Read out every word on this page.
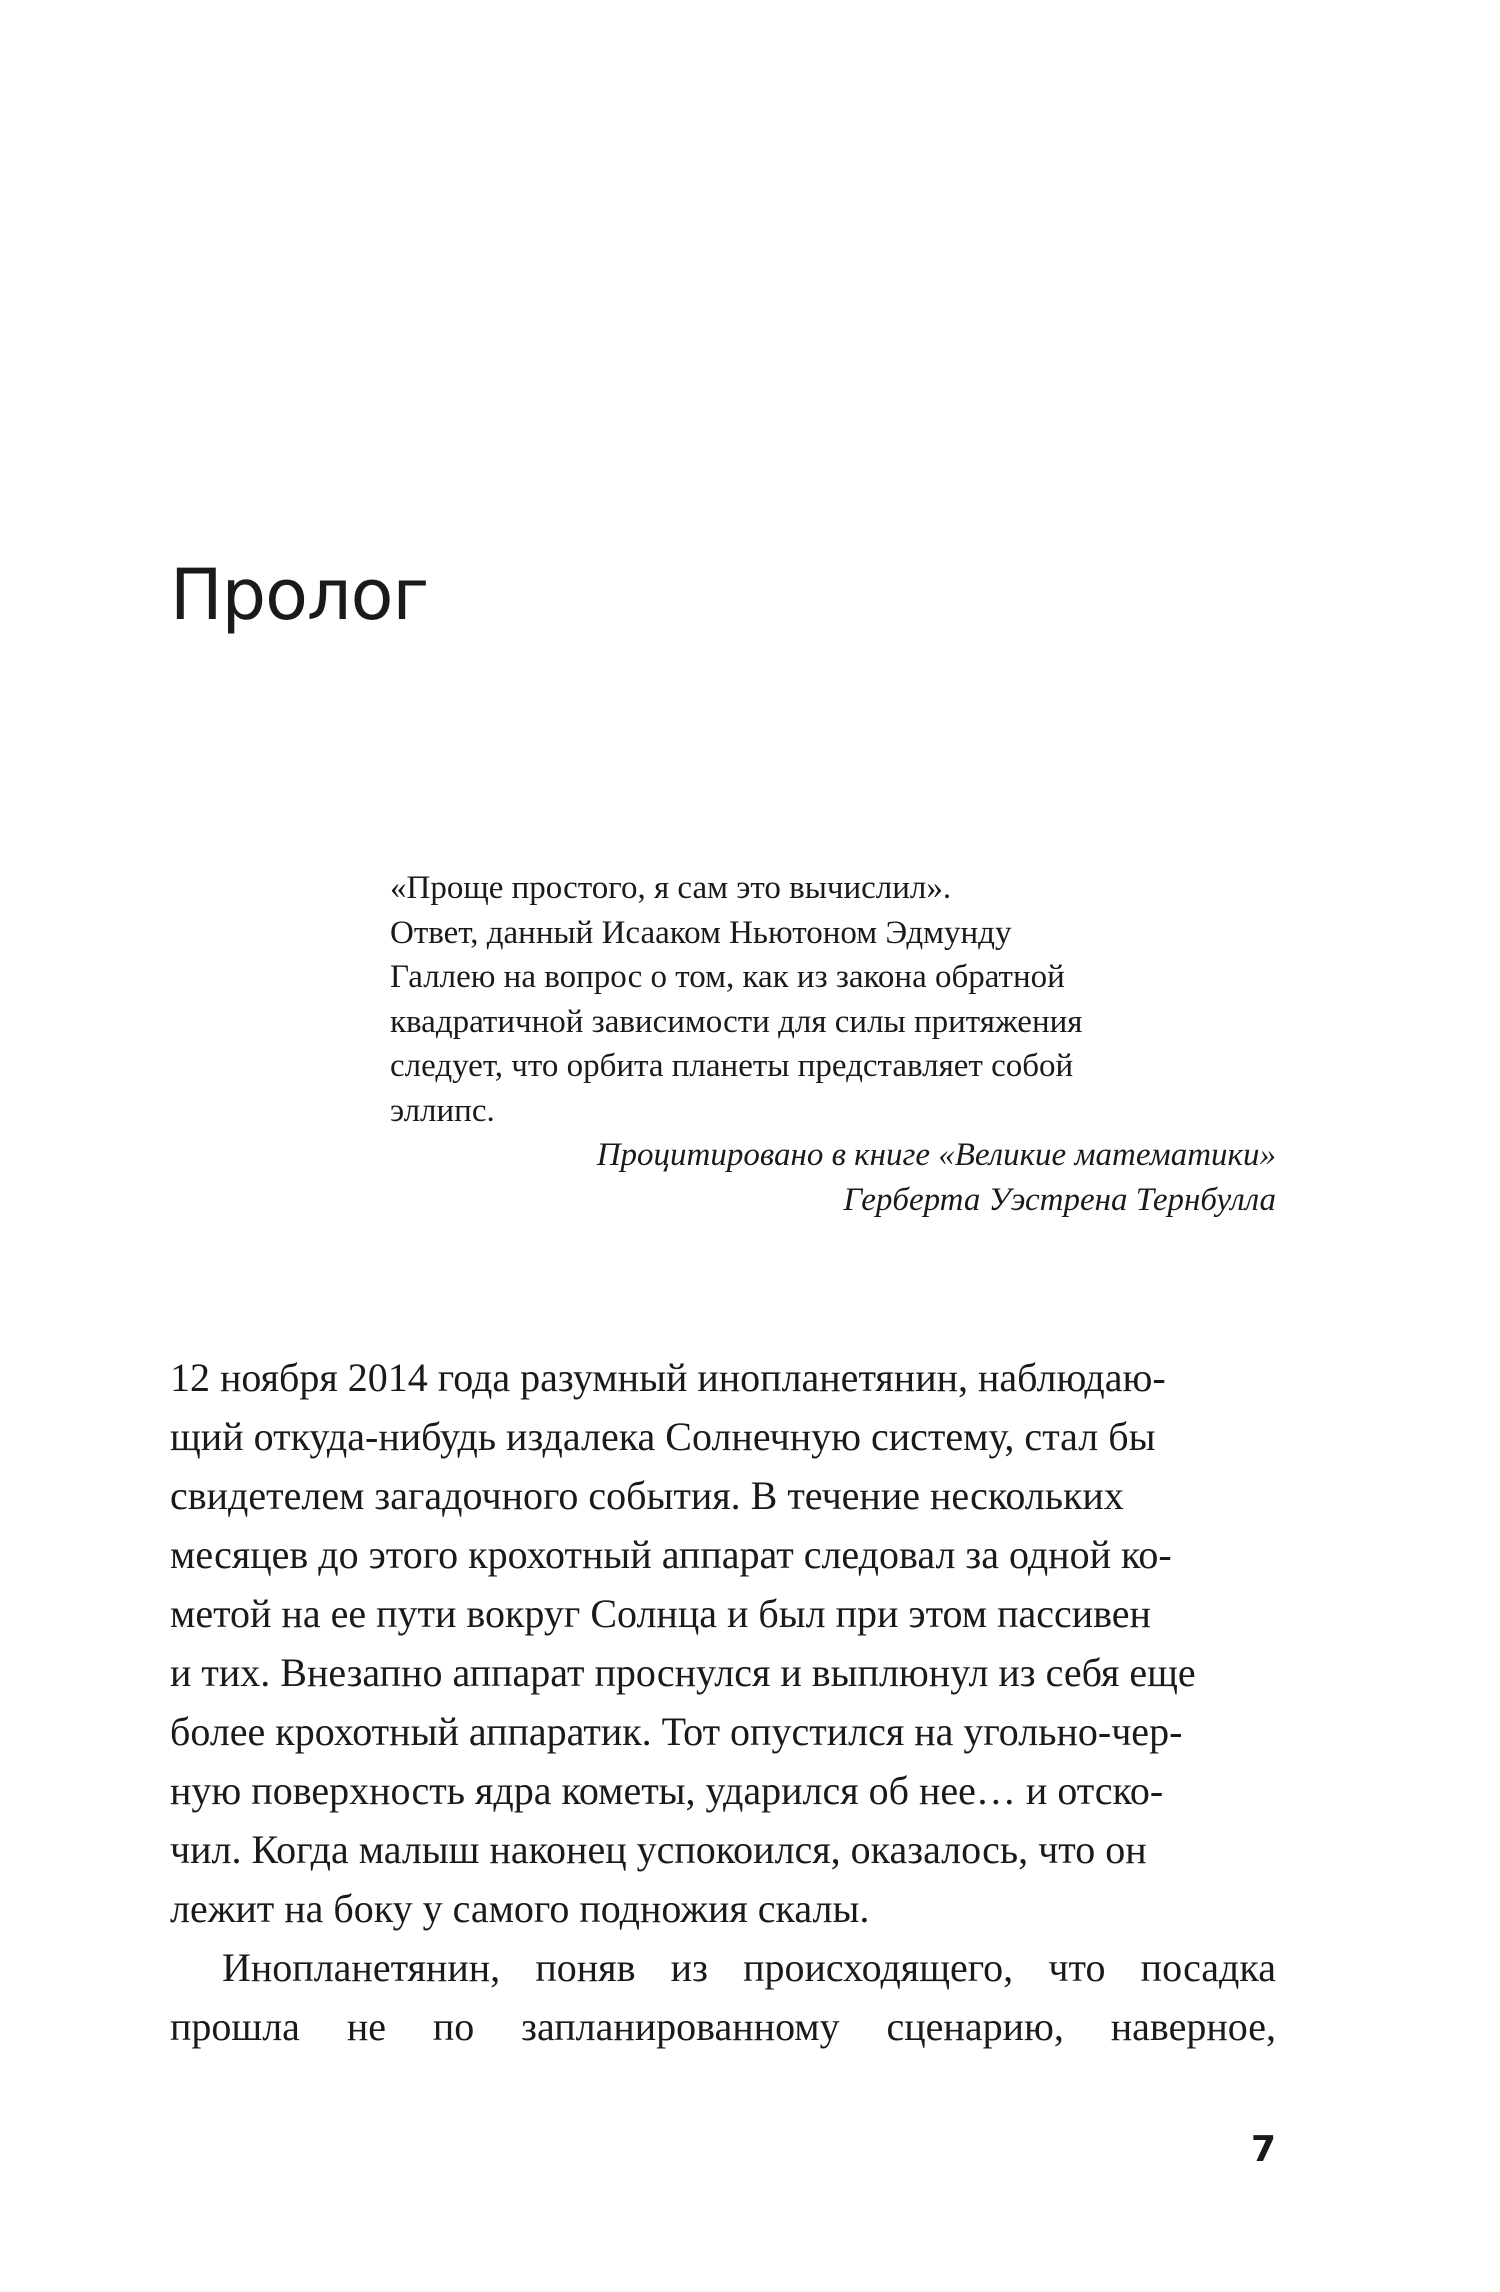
Пролог

«Проще простого, я сам это вычислил».
Ответ, данный Исааком Ньютоном Эдмунду
Галлею на вопрос о том, как из закона обратной
квадратичной зависимости для силы притяжения
следует, что орбита планеты представляет собой
эллипс.

Процитировано в книге «Великие математики»
Герберта Уэстрена Тернбулла

12 ноября 2014 года разумный инопланетянин, наблюдаю-
щий откуда-нибудь издалека Солнечную систему, стал бы
свидетелем загадочного события. В течение нескольких
месяцев до этого крохотный аппарат следовал за одной ко-
метой на ее пути вокруг Солнца и был при этом пассивен
и тих. Внезапно аппарат проснулся и выплюнул из себя еще
более крохотный аппаратик. Тот опустился на угольно-чер-
ную поверхность ядра кометы, ударился об нее… и отско-
чил. Когда малыш наконец успокоился, оказалось, что он
лежит на боку у самого подножия скалы.

Инопланетянин, поняв из происходящего, что посадка
прошла не по запланированному сценарию, наверное,

7
